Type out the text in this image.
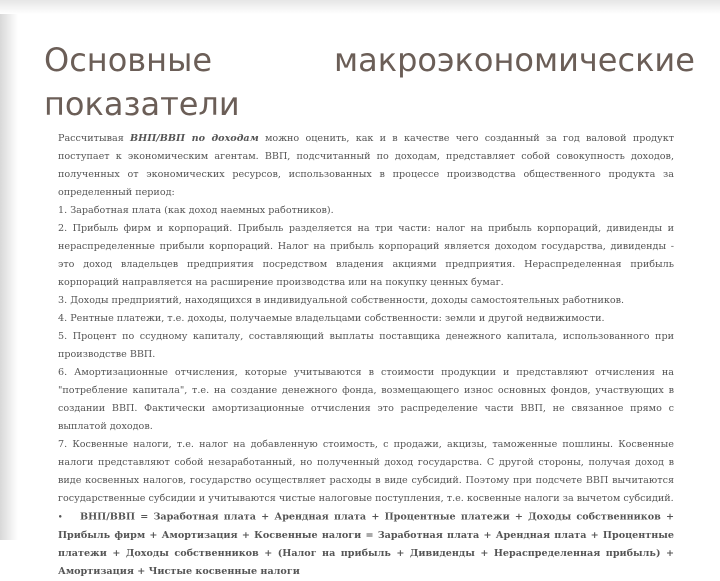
Основные	макроэкономические
показатели

Рассчитывая ВНП/ВВП по доходам можно оценить, как и в качестве чего созданный за год валовой продукт поступает к экономическим агентам. ВВП, подсчитанный по доходам, представляет собой совокупность доходов, полученных от экономических ресурсов, использованных в процессе производства общественного продукта за определенный период:

1. Заработная плата (как доход наемных работников).

2. Прибыль фирм и корпораций. Прибыль разделяется на три части: налог на прибыль корпораций, дивиденды и нераспределенные прибыли корпораций. Налог на прибыль корпораций является доходом государства, дивиденды - это доход владельцев предприятия посредством владения акциями предприятия. Нераспределенная прибыль корпораций направляется на расширение производства или на покупку ценных бумаг.

3. Доходы предприятий, находящихся в индивидуальной собственности, доходы самостоятельных работников.

4. Рентные платежи, т.е. доходы, получаемые владельцами собственности: земли и другой недвижимости.

5. Процент по ссудному капиталу, составляющий выплаты поставщика денежного капитала, использованного при производстве ВВП.

6. Амортизационные отчисления, которые учитываются в стоимости продукции и представляют отчисления на "потребление капитала", т.е. на создание денежного фонда, возмещающего износ основных фондов, участвующих в создании ВВП. Фактически амортизационные отчисления это распределение части ВВП, не связанное прямо с выплатой доходов.

7. Косвенные налоги, т.е. налог на добавленную стоимость, с продажи, акцизы, таможенные пошлины. Косвенные налоги представляют собой незаработанный, но полученный доход государства. С другой стороны, получая доход в виде косвенных налогов, государство осуществляет расходы в виде субсидий. Поэтому при подсчете ВВП вычитаются государственные субсидии и учитываются чистые налоговые поступления, т.е. косвенные налоги за вычетом субсидий.

• ВНП/ВВП = Заработная плата + Арендная плата + Процентные платежи + Доходы собственников + Прибыль фирм + Амортизация + Косвенные налоги = Заработная плата + Арендная плата + Процентные платежи + Доходы собственников + (Налог на прибыль + Дивиденды + Нераспределенная прибыль) + Амортизация + Чистые косвенные налоги
